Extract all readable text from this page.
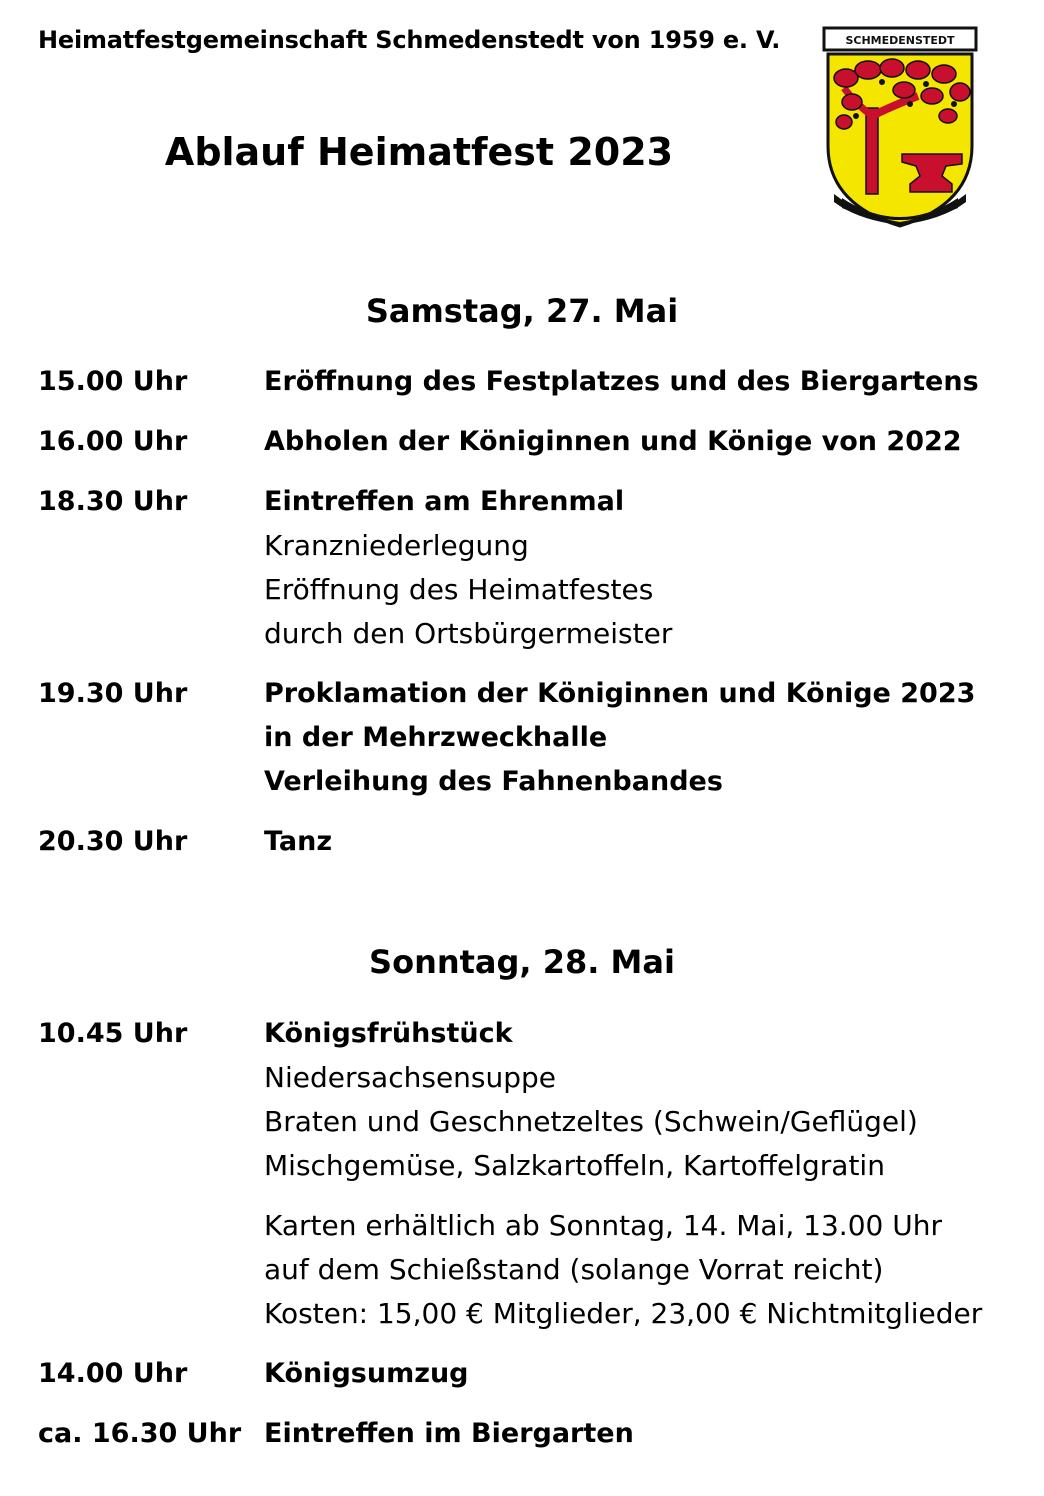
Heimatfestgemeinschaft Schmedenstedt von 1959 e. V.
Ablauf Heimatfest 2023
SCHMEDENSTEDT
Samstag, 27. Mai
15.00 Uhr	Eröffnung des Festplatzes und des Biergartens
16.00 Uhr	Abholen der Königinnen und Könige von 2022
18.30 Uhr	Eintreffen am Ehrenmal
Kranzniederlegung
Eröffnung des Heimatfestes
durch den Ortsbürgermeister
19.30 Uhr	Proklamation der Königinnen und Könige 2023
in der Mehrzweckhalle
Verleihung des Fahnenbandes
20.30 Uhr	Tanz
Sonntag, 28. Mai
10.45 Uhr	Königsfrühstück
Niedersachsensuppe
Braten und Geschnetzeltes (Schwein/Geflügel)
Mischgemüse, Salzkartoffeln, Kartoffelgratin
Karten erhältlich ab Sonntag, 14. Mai, 13.00 Uhr
auf dem Schießstand (solange Vorrat reicht)
Kosten: 15,00 € Mitglieder, 23,00 € Nichtmitglieder
14.00 Uhr	Königsumzug
ca. 16.30 Uhr Eintreffen im Biergarten
